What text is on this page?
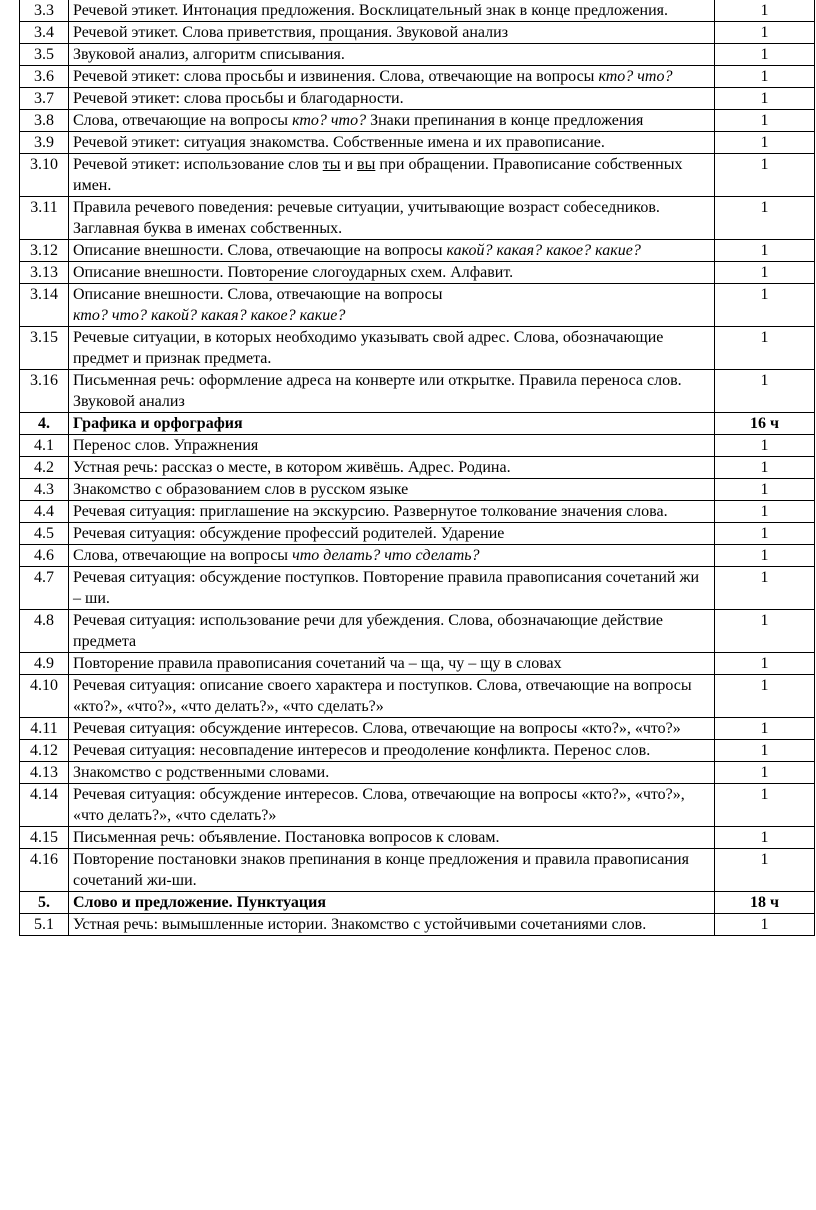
3.3	Речевой этикет. Интонация предложения. Восклицательный знак в конце предложения.	1
3.4	Речевой этикет. Слова приветствия, прощания. Звуковой анализ	1
3.5	Звуковой анализ, алгоритм списывания.	1
3.6	Речевой этикет: слова просьбы и извинения. Слова, отвечающие на вопросы кто? что?	1
3.7	Речевой этикет: слова просьбы и благодарности.	1
3.8	Слова, отвечающие на вопросы кто? что? Знаки препинания в конце предложения	1
3.9	Речевой этикет: ситуация знакомства. Собственные имена и их правописание.	1
3.10	Речевой этикет: использование слов ты и вы при обращении. Правописание собственных имен.	1
3.11	Правила речевого поведения: речевые ситуации, учитывающие возраст собеседников. Заглавная буква в именах собственных.	1
3.12	Описание внешности. Слова, отвечающие на вопросы какой? какая? какое? какие?	1
3.13	Описание внешности. Повторение слогоударных схем. Алфавит.	1
3.14	Описание внешности. Слова, отвечающие на вопросы
кто? что? какой? какая? какое? какие?	1
3.15	Речевые ситуации, в которых необходимо указывать свой адрес. Слова, обозначающие предмет и признак предмета.	1
3.16	Письменная речь: оформление адреса на конверте или открытке. Правила переноса слов. Звуковой анализ	1
4.	Графика и орфография	16 ч
4.1	Перенос слов. Упражнения	1
4.2	Устная речь: рассказ о месте, в котором живёшь. Адрес. Родина.	1
4.3	Знакомство с образованием слов в русском языке	1
4.4	Речевая ситуация: приглашение на экскурсию. Развернутое толкование значения слова.	1
4.5	Речевая ситуация: обсуждение профессий родителей. Ударение	1
4.6	Слова, отвечающие на вопросы что делать? что сделать?	1
4.7	Речевая ситуация: обсуждение поступков. Повторение правила правописания сочетаний жи – ши.	1
4.8	Речевая ситуация: использование речи для убеждения. Слова, обозначающие действие предмета	1
4.9	Повторение правила правописания сочетаний ча – ща, чу – щу в словах	1
4.10	Речевая ситуация: описание своего характера и поступков. Слова, отвечающие на вопросы «кто?», «что?», «что делать?», «что сделать?»	1
4.11	Речевая ситуация: обсуждение интересов. Слова, отвечающие на вопросы «кто?», «что?»	1
4.12	Речевая ситуация: несовпадение интересов и преодоление конфликта. Перенос слов.	1
4.13	Знакомство с родственными словами.	1
4.14	Речевая ситуация: обсуждение интересов. Слова, отвечающие на вопросы «кто?», «что?», «что делать?», «что сделать?»	1
4.15	Письменная речь: объявление. Постановка вопросов к словам.	1
4.16	Повторение постановки знаков препинания в конце предложения и правила правописания сочетаний жи-ши.	1
5.	Слово и предложение. Пунктуация	18 ч
5.1	Устная речь: вымышленные истории. Знакомство с устойчивыми сочетаниями слов.	1
